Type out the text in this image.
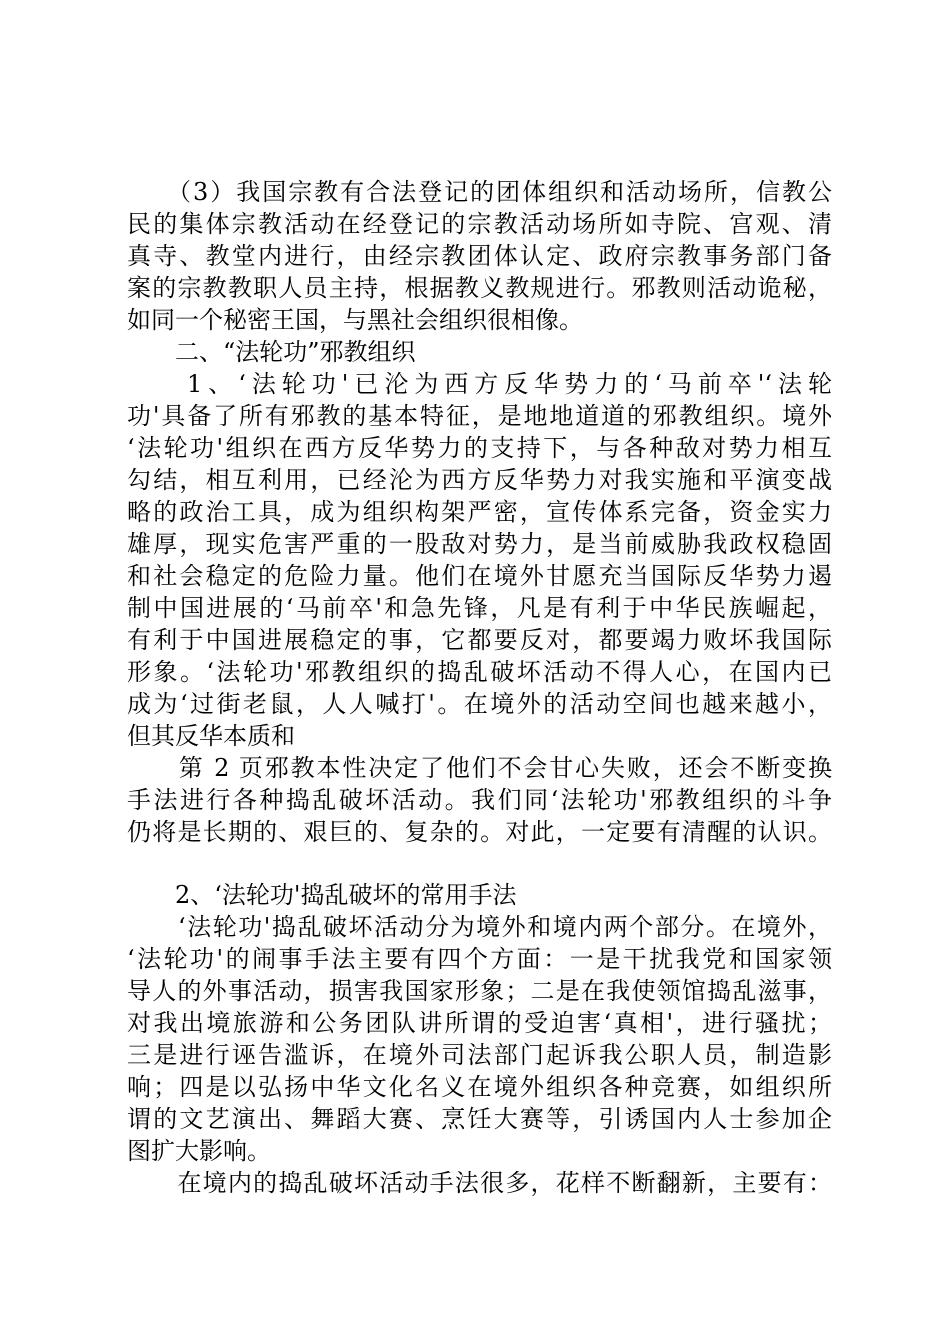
　　（3）我国宗教有合法登记的团体组织和活动场所，信教公
民的集体宗教活动在经登记的宗教活动场所如寺院、宫观、清
真寺、教堂内进行，由经宗教团体认定、政府宗教事务部门备
案的宗教教职人员主持，根据教义教规进行。邪教则活动诡秘，
如同一个秘密王国，与黑社会组织很相像。
　　二、“法轮功”邪教组织
　　1、‘法轮功'已沦为西方反华势力的‘马前卒'‘法轮
功'具备了所有邪教的基本特征，是地地道道的邪教组织。境外
‘法轮功'组织在西方反华势力的支持下，与各种敌对势力相互
勾结，相互利用，已经沦为西方反华势力对我实施和平演变战
略的政治工具，成为组织构架严密，宣传体系完备，资金实力
雄厚，现实危害严重的一股敌对势力，是当前威胁我政权稳固
和社会稳定的危险力量。他们在境外甘愿充当国际反华势力遏
制中国进展的‘马前卒'和急先锋，凡是有利于中华民族崛起，
有利于中国进展稳定的事，它都要反对，都要竭力败坏我国际
形象。‘法轮功'邪教组织的捣乱破坏活动不得人心，在国内已
成为‘过街老鼠，人人喊打'。在境外的活动空间也越来越小，
但其反华本质和
　　第 2 页邪教本性决定了他们不会甘心失败，还会不断变换
手法进行各种捣乱破坏活动。我们同‘法轮功'邪教组织的斗争
仍将是长期的、艰巨的、复杂的。对此，一定要有清醒的认识。
　　2、‘法轮功'捣乱破坏的常用手法
　　‘法轮功'捣乱破坏活动分为境外和境内两个部分。在境外，
‘法轮功'的闹事手法主要有四个方面：一是干扰我党和国家领
导人的外事活动，损害我国家形象；二是在我使领馆捣乱滋事，
对我出境旅游和公务团队讲所谓的受迫害‘真相'，进行骚扰；
三是进行诬告滥诉，在境外司法部门起诉我公职人员，制造影
响；四是以弘扬中华文化名义在境外组织各种竞赛，如组织所
谓的文艺演出、舞蹈大赛、烹饪大赛等，引诱国内人士参加企
图扩大影响。
　　在境内的捣乱破坏活动手法很多，花样不断翻新，主要有：
